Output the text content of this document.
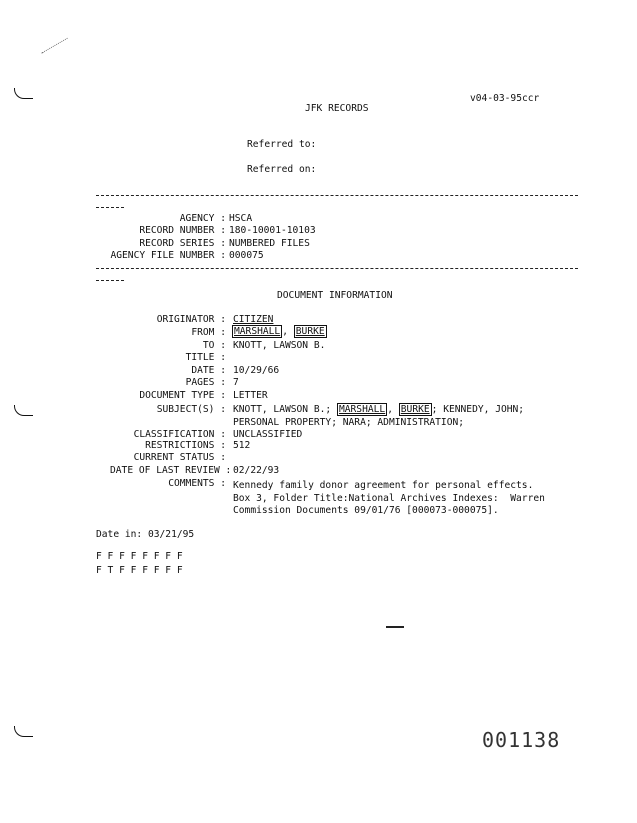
v04-03-95ccr
JFK RECORDS
Referred to:
Referred on:
AGENCY : HSCA
RECORD NUMBER : 180-10001-10103
RECORD SERIES : NUMBERED FILES
AGENCY FILE NUMBER : 000075
DOCUMENT INFORMATION
ORIGINATOR : CITIZEN
FROM : MARSHALL , BURKE
TO : KNOTT, LAWSON B.
TITLE :
DATE : 10/29/66
PAGES : 7
DOCUMENT TYPE : LETTER
SUBJECT(S) : KNOTT, LAWSON B.; MARSHALL , BURKE ; KENNEDY, JOHN;
PERSONAL PROPERTY; NARA; ADMINISTRATION;
CLASSIFICATION : UNCLASSIFIED
RESTRICTIONS : 512
CURRENT STATUS :
DATE OF LAST REVIEW : 02/22/93
COMMENTS : Kennedy family donor agreement for personal effects.
Box 3, Folder Title:National Archives Indexes:  Warren
Commission Documents 09/01/76 [000073-000075].
Date in: 03/21/95
F F F F F F F F
F T F F F F F F
001138
